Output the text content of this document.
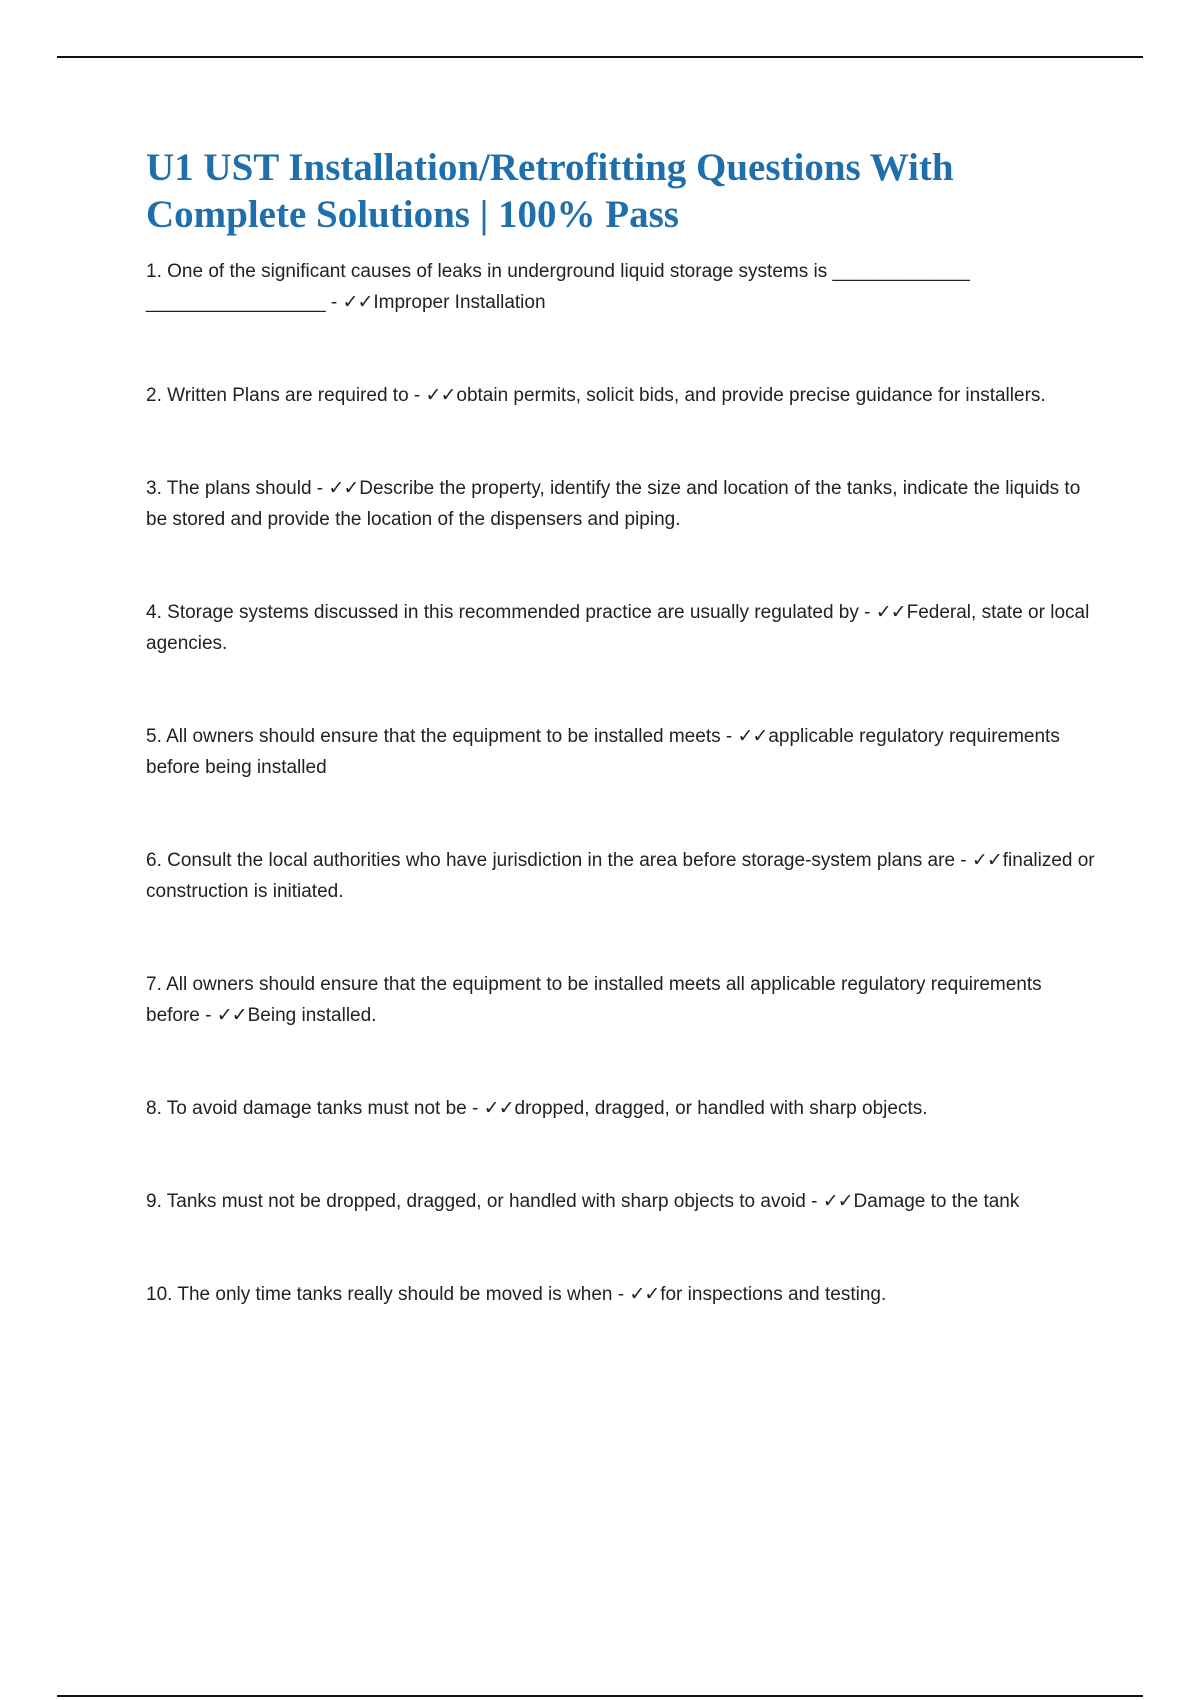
U1 UST Installation/Retrofitting Questions With Complete Solutions | 100% Pass
1 . One of the significant causes of leaks in underground liquid storage systems is _____________ _________________ - ✓✓Improper Installation
2 . Written Plans are required to - ✓✓obtain permits, solicit bids, and provide precise guidance for installers.
3 . The plans should - ✓✓Describe the property, identify the size and location of the tanks, indicate the liquids to be stored and provide the location of the dispensers and piping.
4 . Storage systems discussed in this recommended practice are usually regulated by - ✓✓Federal, state or local agencies.
5 . All owners should ensure that the equipment to be installed meets - ✓✓applicable regulatory requirements before being installed
6 . Consult the local authorities who have jurisdiction in the area before storage-system plans are - ✓✓finalized or construction is initiated.
7 . All owners should ensure that the equipment to be installed meets all applicable regulatory requirements before - ✓✓Being installed.
8 . To avoid damage tanks must not be - ✓✓dropped, dragged, or handled with sharp objects.
9 . Tanks must not be dropped, dragged, or handled with sharp objects to avoid - ✓✓Damage to the tank
10 . The only time tanks really should be moved is when - ✓✓for inspections and testing.
